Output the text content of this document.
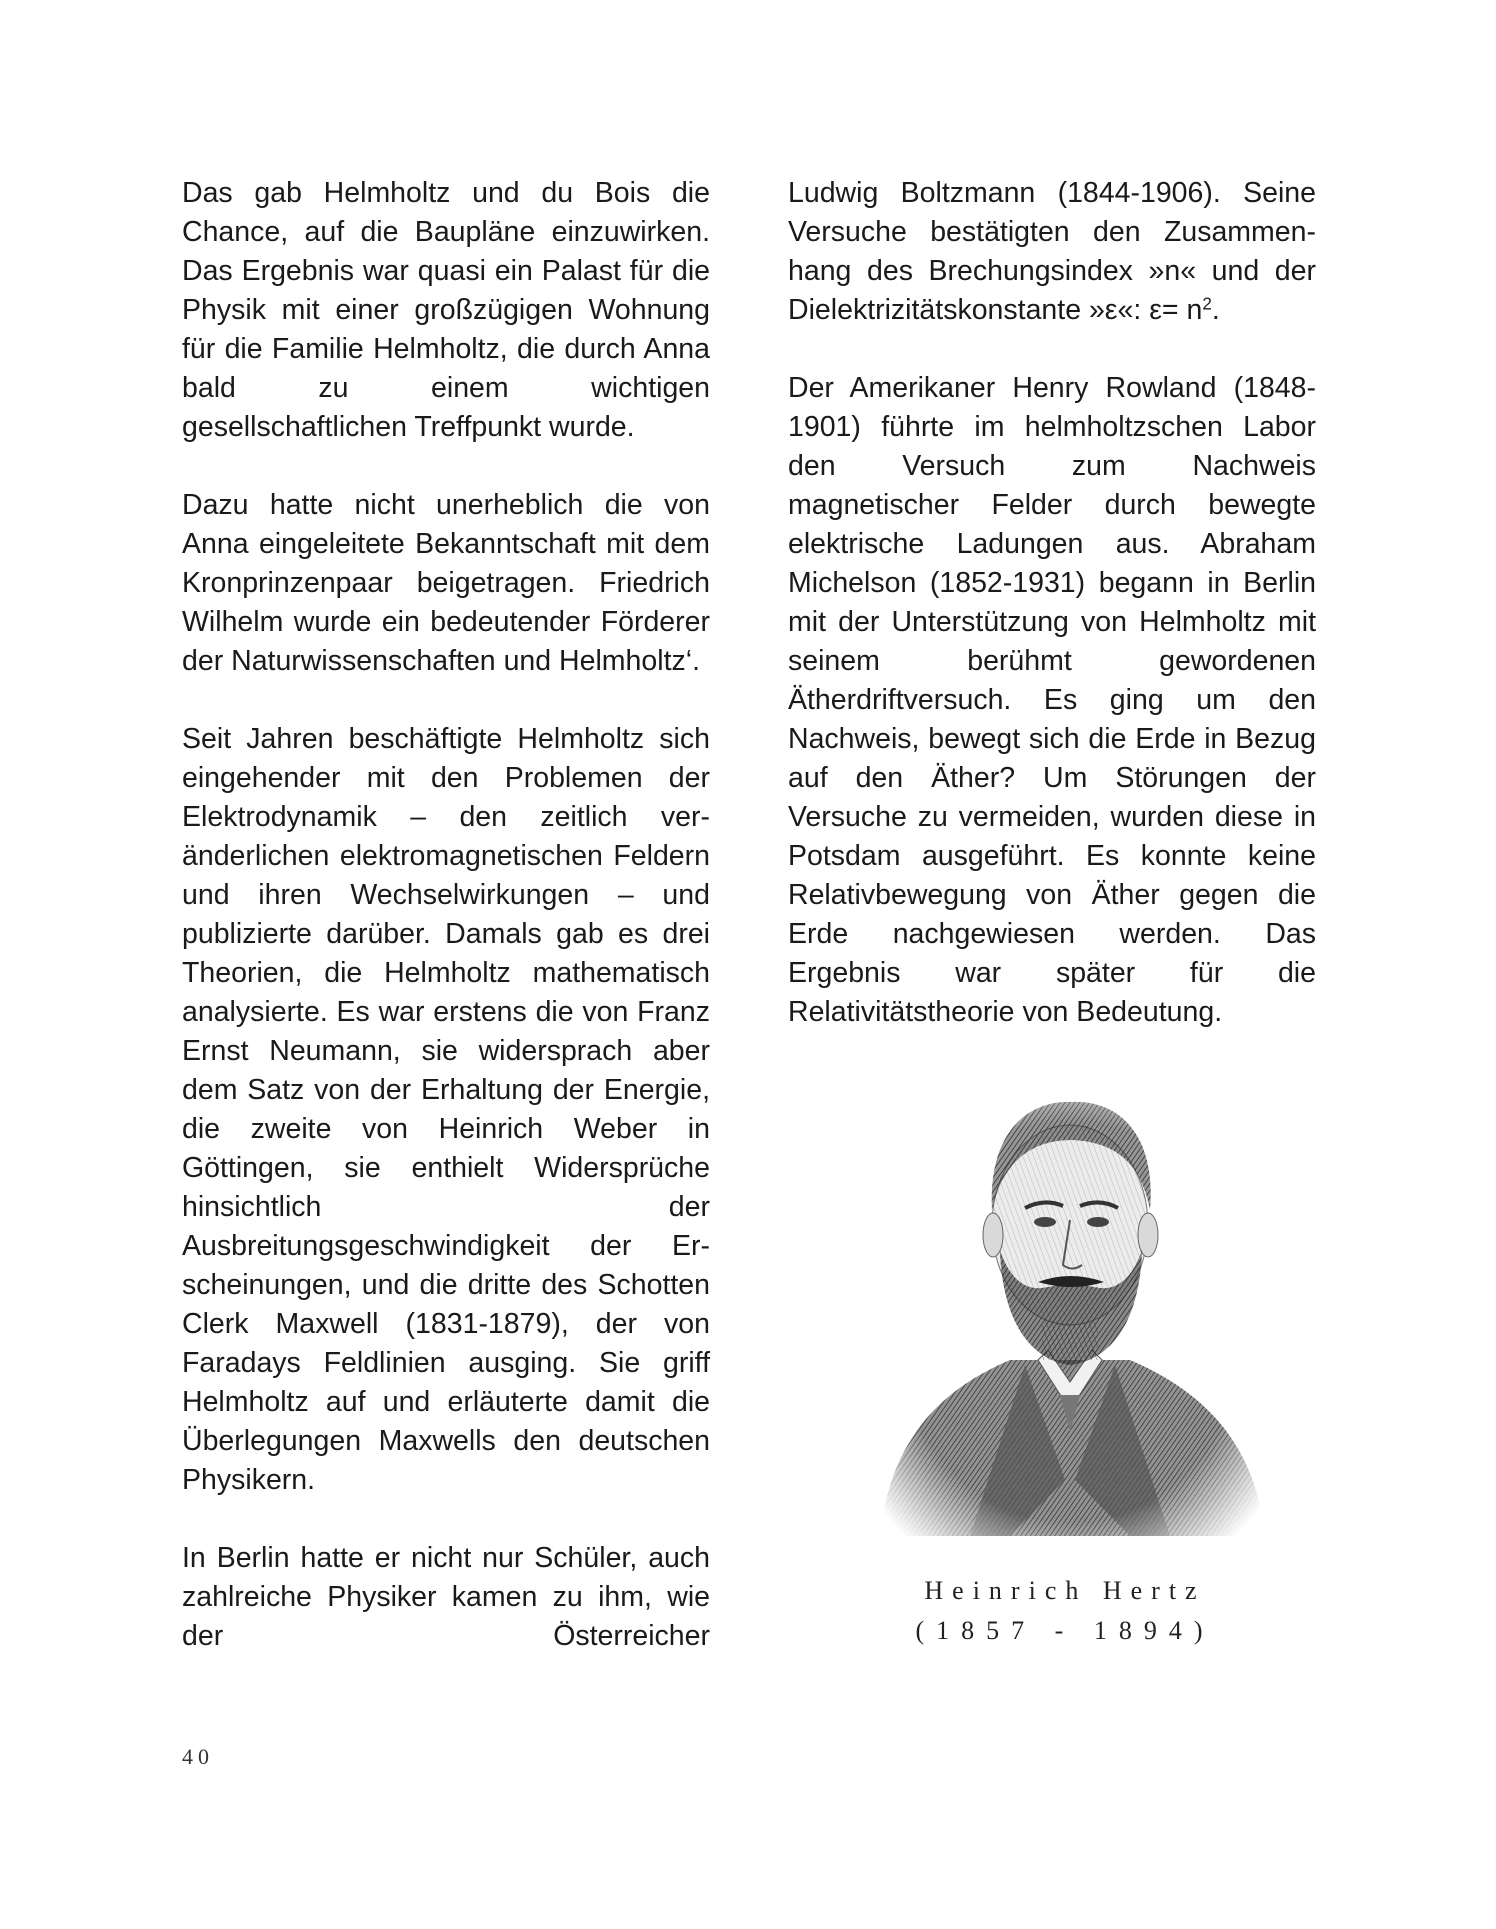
Das gab Helmholtz und du Bois die Chance, auf die Baupläne einzuwirken. Das Ergebnis war quasi ein Palast für die Physik mit einer großzügigen Wohnung für die Familie Helmholtz, die durch Anna bald zu einem wichtigen gesellschaftlichen Treffpunkt wurde.

Dazu hatte nicht unerheblich die von Anna eingeleitete Bekanntschaft mit dem Kronprinzenpaar beigetragen. Friedrich Wilhelm wurde ein bedeutender Förderer der Naturwissenschaften und Helmholtz‘.

Seit Jahren beschäftigte Helmholtz sich eingehender mit den Problemen der Elektrodynamik – den zeitlich veränderlichen elektromagnetischen Feldern und ihren Wechselwirkungen – und publizierte darüber. Damals gab es drei Theorien, die Helmholtz mathematisch analysierte. Es war erstens die von Franz Ernst Neumann, sie widersprach aber dem Satz von der Erhaltung der Energie, die zweite von Heinrich Weber in Göttingen, sie enthielt Widersprüche hinsichtlich der Ausbreitungsgeschwindigkeit der Erscheinungen, und die dritte des Schotten Clerk Maxwell (1831-1879), der von Faradays Feldlinien ausging. Sie griff Helmholtz auf und erläuterte damit die Überlegungen Maxwells den deutschen Physikern.

In Berlin hatte er nicht nur Schüler, auch zahlreiche Physiker kamen zu ihm, wie der Österreicher

Ludwig Boltzmann (1844-1906). Seine Versuche bestätigten den Zusammenhang des Brechungsindex »n« und der Dielektrizitätskonstante »ε«: $\varepsilon= n^2$.

Der Amerikaner Henry Rowland (1848-1901) führte im helmholtzschen Labor den Versuch zum Nachweis magnetischer Felder durch bewegte elektrische Ladungen aus. Abraham Michelson (1852-1931) begann in Berlin mit der Unterstützung von Helmholtz mit seinem berühmt gewordenen Ätherdriftversuch. Es ging um den Nachweis, bewegt sich die Erde in Bezug auf den Äther? Um Störungen der Versuche zu vermeiden, wurden diese in Potsdam ausgeführt. Es konnte keine Relativbewegung von Äther gegen die Erde nachgewiesen werden. Das Ergebnis war später für die Relativitätstheorie von Bedeutung.

Heinrich Hertz
(1857 - 1894)
40
